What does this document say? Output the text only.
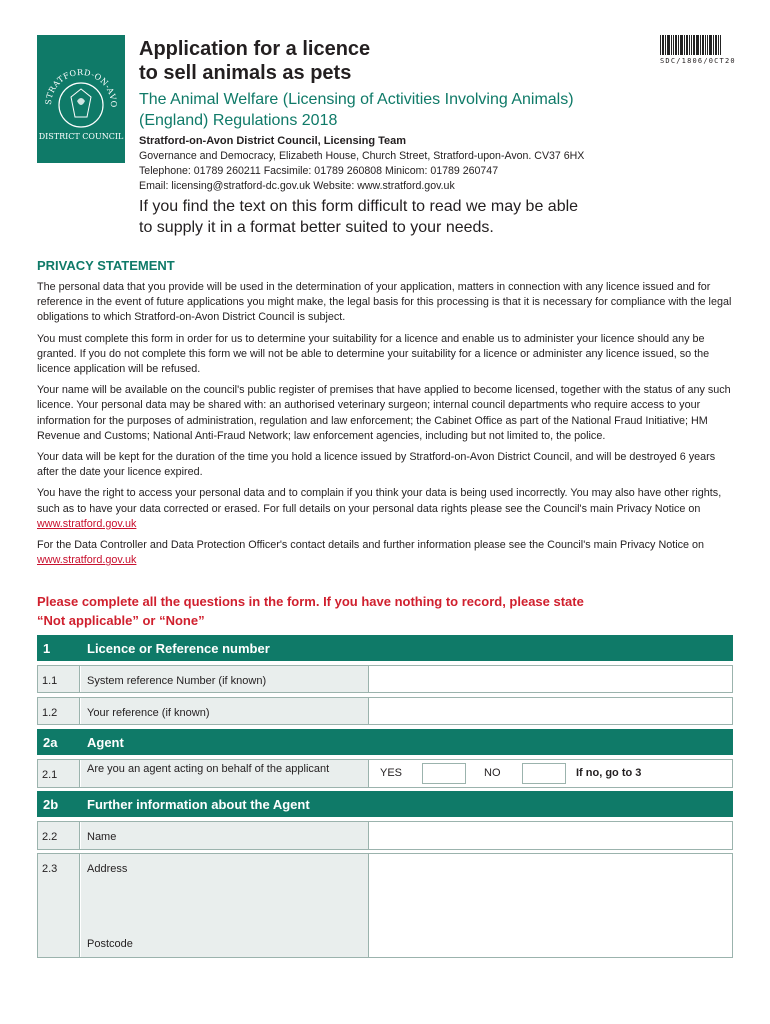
STRATFORD-ON-AVO
DISTRICT COUNCIL
SDC/1806/0CT20
Application for a licence
to sell animals as pets
The Animal Welfare (Licensing of Activities Involving Animals)
(England) Regulations 2018
Stratford-on-Avon District Council, Licensing Team
Governance and Democracy, Elizabeth House, Church Street, Stratford-upon-Avon. CV37 6HX
Telephone: 01789 260211 Facsimile: 01789 260808 Minicom: 01789 260747
Email: licensing@stratford-dc.gov.uk Website: www.stratford.gov.uk
If you find the text on this form difficult to read we may be able
to supply it in a format better suited to your needs.
PRIVACY STATEMENT

The personal data that you provide will be used in the determination of your application, matters in connection with any licence issued and for reference in the event of future applications you might make, the legal basis for this processing is that it is necessary for compliance with the legal obligations to which Stratford-on-Avon District Council is subject.

You must complete this form in order for us to determine your suitability for a licence and enable us to administer your licence should any be granted. If you do not complete this form we will not be able to determine your suitability for a licence or administer any licence issued, so the licence application will be refused.

Your name will be available on the council's public register of premises that have applied to become licensed, together with the status of any such licence. Your personal data may be shared with: an authorised veterinary surgeon; internal council departments who require access to your information for the purposes of administration, regulation and law enforcement; the Cabinet Office as part of the National Fraud Initiative; HM Revenue and Customs; National Anti-Fraud Network; law enforcement agencies, including but not limited to, the police.

Your data will be kept for the duration of the time you hold a licence issued by Stratford-on-Avon District Council, and will be destroyed 6 years after the date your licence expired.

You have the right to access your personal data and to complain if you think your data is being used incorrectly. You may also have other rights, such as to have your data corrected or erased. For full details on your personal data rights please see the Council's main Privacy Notice on www.stratford.gov.uk

For the Data Controller and Data Protection Officer's contact details and further information please see the Council's main Privacy Notice on www.stratford.gov.uk

Please complete all the questions in the form. If you have nothing to record, please state
“Not applicable” or “None”
1	Licence or Reference number
1.1	System reference Number (if known)
1.2	Your reference (if known)
2a Agent
2.1	Are you an agent acting on behalf of the applicant	YES	NO	If no, go to 3
2b Further information about the Agent
2.2	Name
2.3	Address
Postcode
